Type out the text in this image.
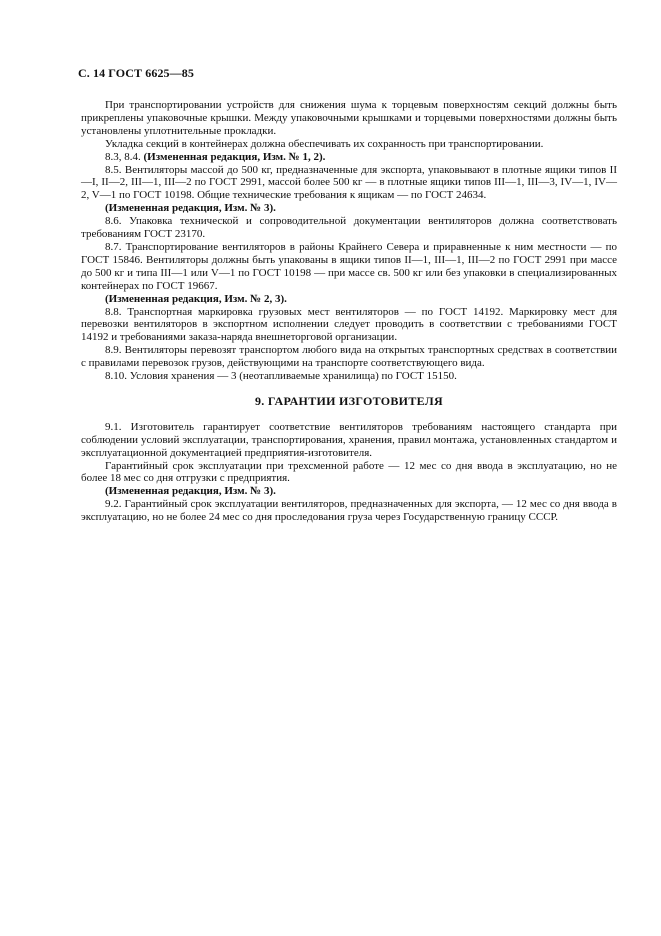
С. 14 ГОСТ 6625—85

При транспортировании устройств для снижения шума к торцевым поверхностям секций должны быть прикреплены упаковочные крышки. Между упаковочными крышками и торцевыми поверхностями должны быть установлены уплотнительные прокладки.

Укладка секций в контейнерах должна обеспечивать их сохранность при транспортировании.

8.3, 8.4. (Измененная редакция, Изм. № 1, 2).

8.5. Вентиляторы массой до 500 кг, предназначенные для экспорта, упаковывают в плотные ящики типов II—I, II—2, III—1, III—2 по ГОСТ 2991, массой более 500 кг — в плотные ящики типов III—1, III—3, IV—1, IV—2, V—1 по ГОСТ 10198. Общие технические требования к ящикам — по ГОСТ 24634.

(Измененная редакция, Изм. № 3).

8.6. Упаковка технической и сопроводительной документации вентиляторов должна соответствовать требованиям ГОСТ 23170.

8.7. Транспортирование вентиляторов в районы Крайнего Севера и приравненные к ним местности — по ГОСТ 15846. Вентиляторы должны быть упакованы в ящики типов II—1, III—1, III—2 по ГОСТ 2991 при массе до 500 кг и типа III—1 или V—1 по ГОСТ 10198 — при массе св. 500 кг или без упаковки в специализированных контейнерах по ГОСТ 19667.

(Измененная редакция, Изм. № 2, 3).

8.8. Транспортная маркировка грузовых мест вентиляторов — по ГОСТ 14192. Маркировку мест для перевозки вентиляторов в экспортном исполнении следует проводить в соответствии с требованиями ГОСТ 14192 и требованиями заказа-наряда внешнеторговой организации.

8.9. Вентиляторы перевозят транспортом любого вида на открытых транспортных средствах в соответствии с правилами перевозок грузов, действующими на транспорте соответствующего вида.

8.10. Условия хранения — 3 (неотапливаемые хранилища) по ГОСТ 15150.

9. ГАРАНТИИ ИЗГОТОВИТЕЛЯ

9.1. Изготовитель гарантирует соответствие вентиляторов требованиям настоящего стандарта при соблюдении условий эксплуатации, транспортирования, хранения, правил монтажа, установленных стандартом и эксплуатационной документацией предприятия-изготовителя.

Гарантийный срок эксплуатации при трехсменной работе — 12 мес со дня ввода в эксплуатацию, но не более 18 мес со дня отгрузки с предприятия.

(Измененная редакция, Изм. № 3).

9.2. Гарантийный срок эксплуатации вентиляторов, предназначенных для экспорта, — 12 мес со дня ввода в эксплуатацию, но не более 24 мес со дня проследования груза через Государственную границу СССР.
